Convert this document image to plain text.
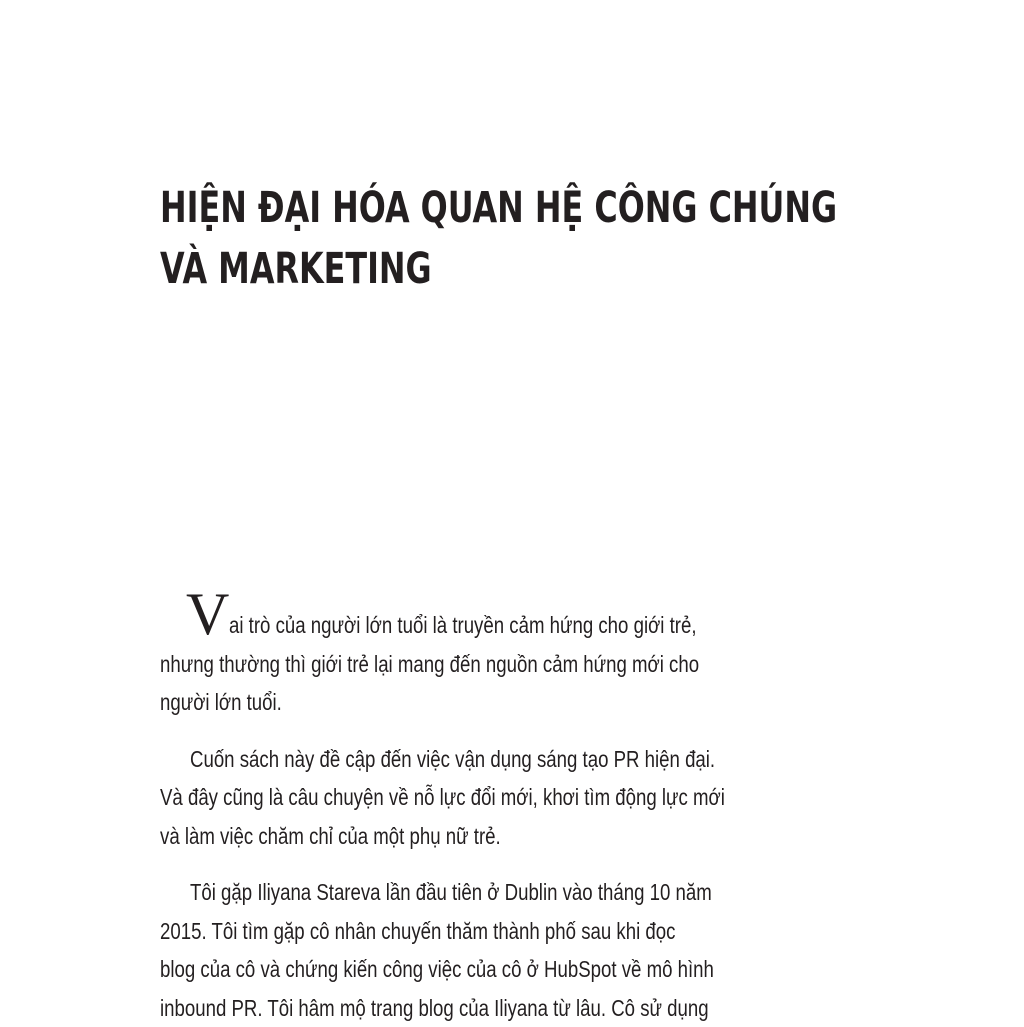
HIỆN ĐẠI HÓA QUAN HỆ CÔNG CHÚNG
VÀ MARKETING
V ai trò của người lớn tuổi là truyền cảm hứng cho giới trẻ,
nhưng thường thì giới trẻ lại mang đến nguồn cảm hứng mới cho
người lớn tuổi.
Cuốn sách này đề cập đến việc vận dụng sáng tạo PR hiện đại.
Và đây cũng là câu chuyện về nỗ lực đổi mới, khơi tìm động lực mới
và làm việc chăm chỉ của một phụ nữ trẻ.
Tôi gặp Iliyana Stareva lần đầu tiên ở Dublin vào tháng 10 năm
2015. Tôi tìm gặp cô nhân chuyến thăm thành phố sau khi đọc
blog của cô và chứng kiến công việc của cô ở HubSpot về mô hình
inbound PR. Tôi hâm mộ trang blog của Iliyana từ lâu. Cô sử dụng
